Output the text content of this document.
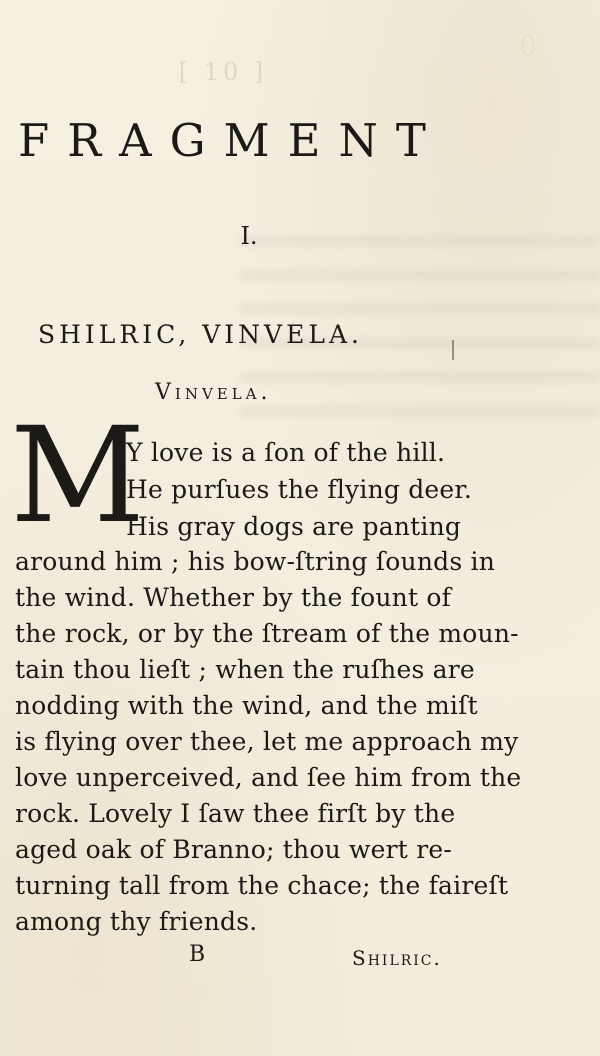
[ 10 ]
FRAGMENT
I.
SHILRIC, VINVELA.
Vinvela.
M
Y love is a ſon of the hill.
He purſues the flying deer.
His gray dogs are panting
around him ; his bow-ſtring ſounds in
the wind. Whether by the fount of
the rock, or by the ſtream of the moun-
tain thou lieſt ; when the ruſhes are
nodding with the wind, and the miſt
is flying over thee, let me approach my
love unperceived, and ſee him from the
rock. Lovely I ſaw thee firſt by the
aged oak of Branno; thou wert re-
turning tall from the chace; the faireſt
among thy friends.
B	Shilric.
